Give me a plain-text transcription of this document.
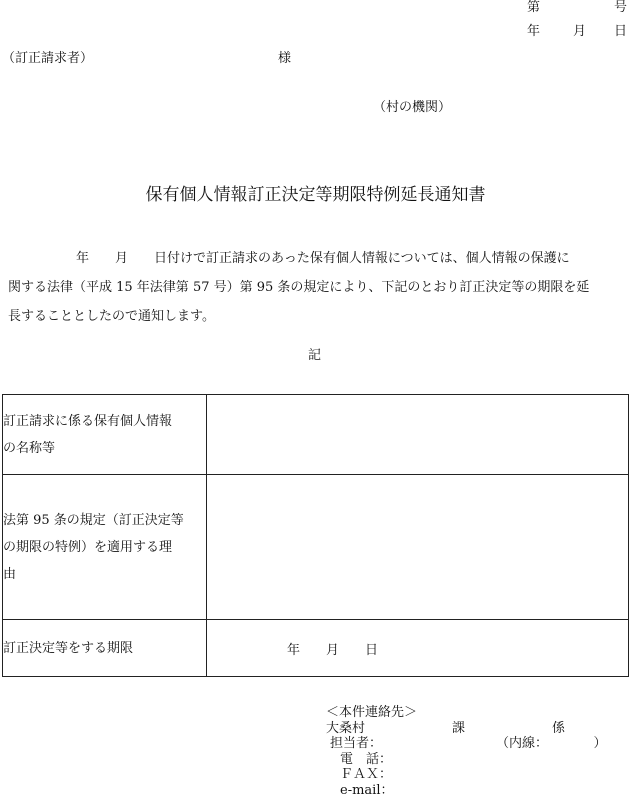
第	号
年	月 日
（訂正請求者）	様
（村の機関）
保有個人情報訂正決定等期限特例延長通知書
年　　月　　日付けで訂正請求のあった保有個人情報については、個人情報の保護に
関する法律（平成 15 年法律第 57 号）第 95 条の規定により、下記のとおり訂正決定等の期限を延
長することとしたので通知します。
記
訂正請求に係る保有個人情報
の名称等	

法第 95 条の規定（訂正決定等
の期限の特例）を適用する理
由	

訂正決定等をする期限	年　　月　　日
＜本件連絡先＞
大桑村	課	係
担当者：	（内線：　　　　）
電　話：
ＦＡＸ：
e-mail：
